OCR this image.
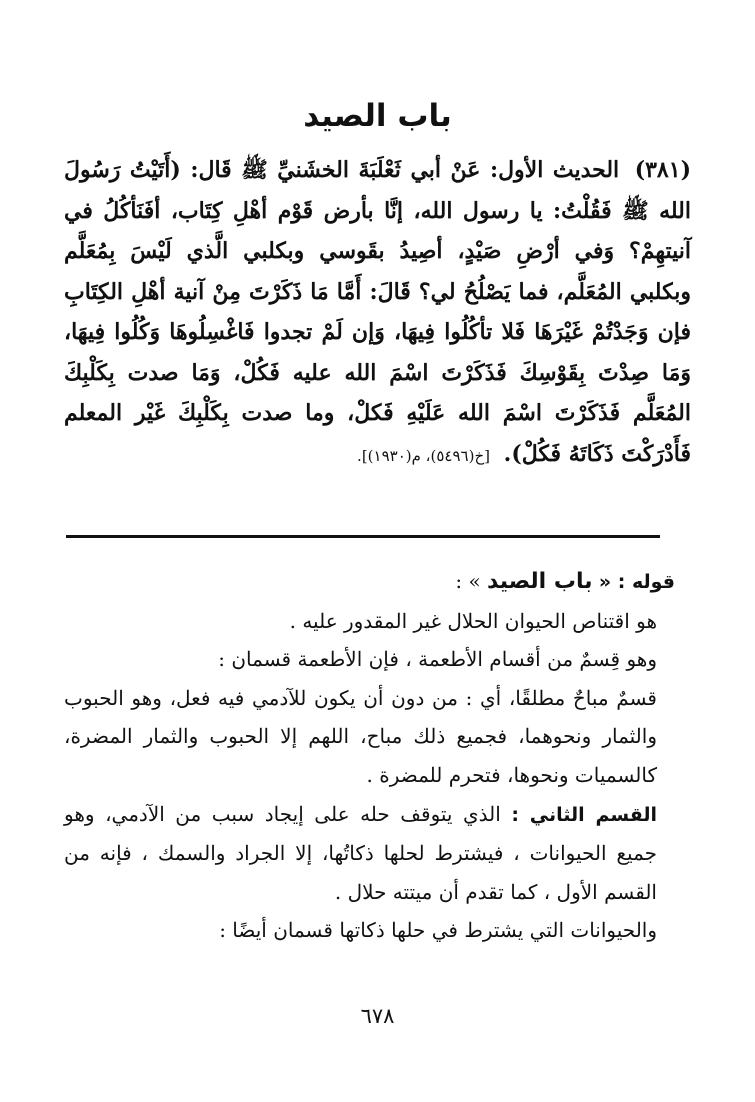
باب الصيد
(٣٨١) الحديث الأول: عَنْ أبي ثَعْلَبَةَ الخشَنيِّ ﷺ قَال: (أَتَيْتُ رَسُولَ الله ﷺ فَقُلْتُ: يا رسول الله، إنَّا بأرض قَوْم أهْلِ كِتَاب، أفَنَأكُلُ في آنيتهِمْ؟ وَفي أرْضِ صَيْدٍ، أصِيدُ بقَوسي وبكلبي الَّذي لَيْسَ بِمُعَلَّم وبكلبي المُعَلَّم، فما يَصْلُحُ لي؟ قَالَ: أَمَّا مَا ذَكَرْتَ مِنْ آنية أهْلِ الكِتَابِ فإن وَجَدْتُمْ غَيْرَهَا فَلا تأكُلُوا فِيهَا، وَإن لَمْ تجدوا فَاغْسِلُوهَا وَكُلُوا فِيهَا، وَمَا صِدْتَ بِقَوْسِكَ فَذَكَرْتَ اسْمَ الله عليه فَكُلْ، وَمَا صدت بِكَلْبِكَ المُعَلَّم فَذَكَرْتَ اسْمَ الله عَلَيْهِ فَكلْ، وما صدت بِكَلْبِكَ غَيْر المعلم فَأَدْرَكْتَ ذَكَاتَهُ فَكُلْ). [خ(٥٤٩٦)، م(١٩٣٠)].

قوله : « باب الصيد » :

هو اقتناص الحيوان الحلال غير المقدور عليه .

وهو قِسمٌ من أقسام الأطعمة ، فإن الأطعمة قسمان :

قسمٌ مباحٌ مطلقًا، أي : من دون أن يكون للآدمي فيه فعل، وهو الحبوب والثمار ونحوهما، فجميع ذلك مباح، اللهم إلا الحبوب والثمار المضرة، كالسميات ونحوها، فتحرم للمضرة .

القسم الثاني : الذي يتوقف حله على إيجاد سبب من الآدمي، وهو جميع الحيوانات ، فيشترط لحلها ذكاتُها، إلا الجراد والسمك ، فإنه من القسم الأول ، كما تقدم أن ميتته حلال .

والحيوانات التي يشترط في حلها ذكاتها قسمان أيضًا :

٦٧٨
